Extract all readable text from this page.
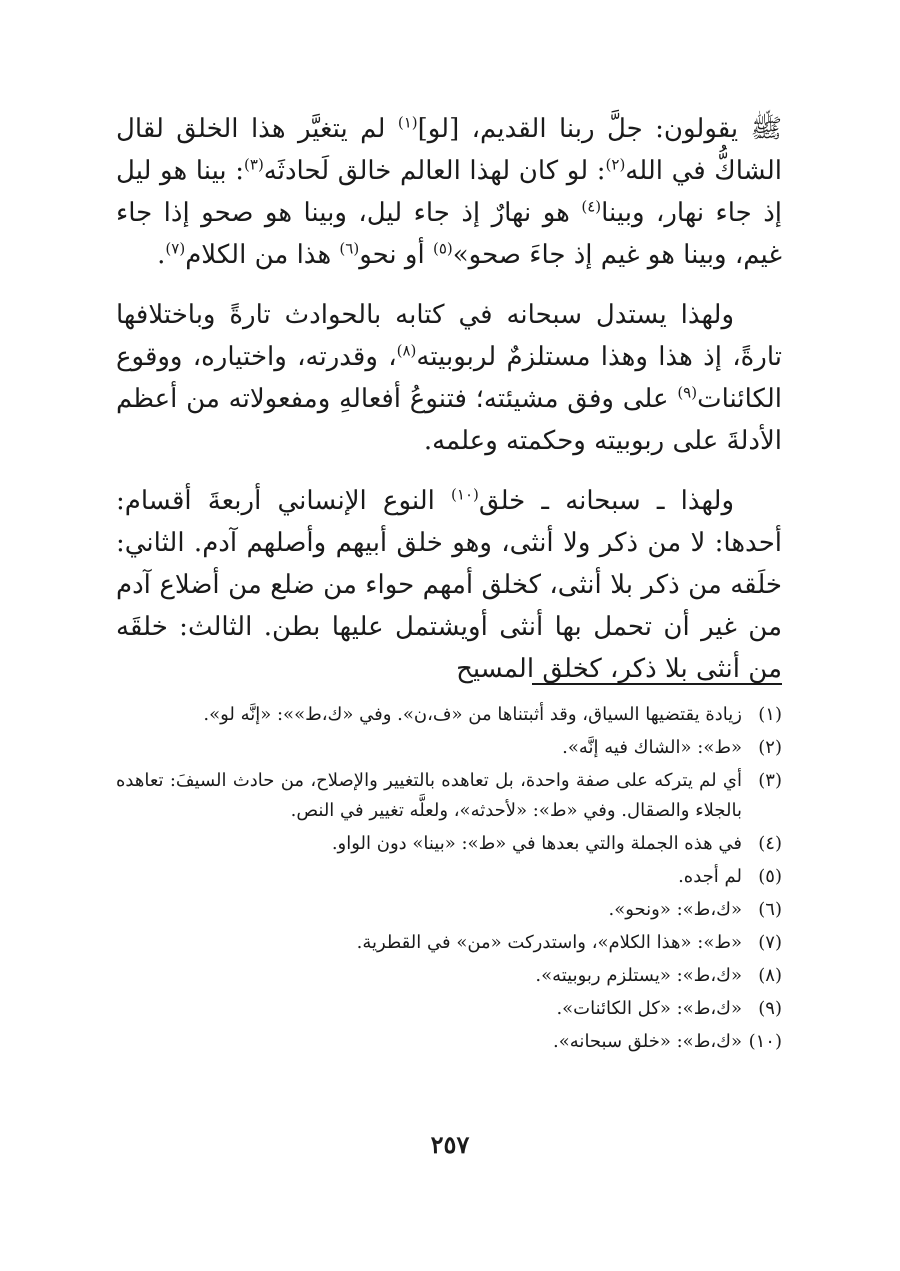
ﷺ يقولون: جلَّ ربنا القديم، [لو]$^{(١)}$ لم يتغيَّر هذا الخلق لقال الشاكُّ في الله$^{(٢)}$: لو كان لهذا العالم خالق لَحادثَه$^{(٣)}$: بينا هو ليل إذ جاء نهار، وبينا$^{(٤)}$ هو نهارٌ إذ جاء ليل، وبينا هو صحو إذا جاء غيم، وبينا هو غيم إذ جاءَ صحو»$^{(٥)}$ أو نحو$^{(٦)}$ هذا من الكلام$^{(٧)}$.

ولهذا يستدل سبحانه في كتابه بالحوادث تارةً وباختلافها تارةً، إذ هذا وهذا مستلزمٌ لربوبيته$^{(٨)}$، وقدرته، واختياره، ووقوع الكائنات$^{(٩)}$ على وفق مشيئته؛ فتنوعُ أفعالهِ ومفعولاته من أعظم الأدلةَ على ربوبيته وحكمته وعلمه.

ولهذا ـ سبحانه ـ خلق$^{(١٠)}$ النوع الإنساني أربعةَ أقسام: أحدها: لا من ذكر ولا أنثى، وهو خلق أبيهم وأصلهم آدم. الثاني: خلَقه من ذكر بلا أنثى، كخلق أمهم حواء من ضلع من أضلاع آدم من غير أن تحمل بها أنثى أويشتمل عليها بطن. الثالث: خلقَه من أنثى بلا ذكر، كخلق المسيح

(١)
زيادة يقتضيها السياق، وقد أثبتناها من «ف،ن». وفي «ك،ط»»: «إنَّه لو».
(٢)
«ط»: «الشاك فيه إنَّه».
(٣)
أي لم يتركه على صفة واحدة، بل تعاهده بالتغيير والإصلاح، من حادث السيفَ: تعاهده بالجلاء والصقال. وفي «ط»: «لأحدثه»، ولعلَّه تغيير في النص.
(٤)
في هذه الجملة والتي بعدها في «ط»: «بينا» دون الواو.
(٥)
لم أجده.
(٦)
«ك،ط»: «ونحو».
(٧)
«ط»: «هذا الكلام»، واستدركت «من» في القطرية.
(٨)
«ك،ط»: «يستلزم ربوبيته».
(٩)
«ك،ط»: «كل الكائنات».
(١٠)
«ك،ط»: «خلق سبحانه».
٢٥٧
